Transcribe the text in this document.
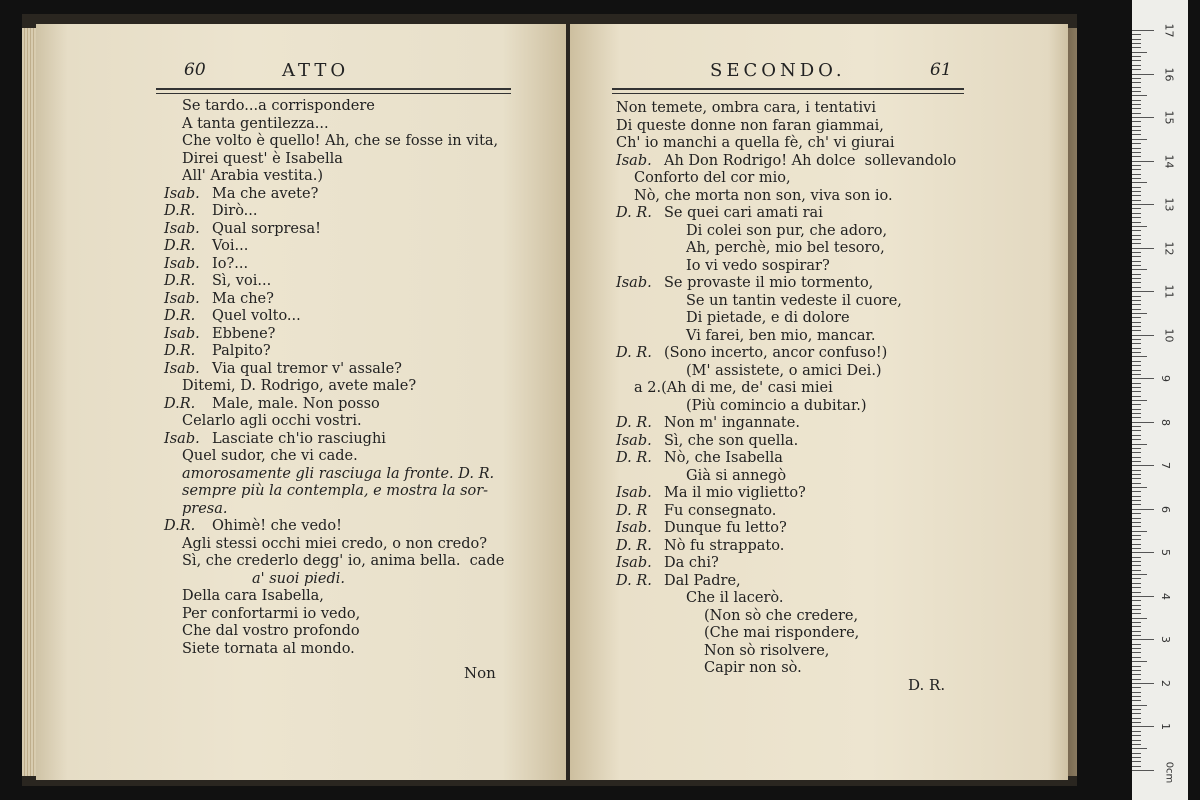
60	ATTO
Se tardo...a corrispondere
A tanta gentilezza...
Che volto è quello! Ah, che se fosse in vita,
Direi quest' è Isabella
All' Arabia vestita.)
Isab. Ma che avete?
D.R. Dirò...
Isab. Qual sorpresa!
D.R. Voi...
Isab. Io?...
D.R. Sì, voi...
Isab. Ma che?
D.R. Quel volto...
Isab. Ebbene?
D.R. Palpito?
Isab. Via qual tremor v' assale?
Ditemi, D. Rodrigo, avete male?
D.R. Male, male. Non posso
Celarlo agli occhi vostri.
Isab. Lasciate ch'io rasciughi
Quel sudor, che vi cade.
amorosamente gli rasciuga la fronte. D. R.
sempre più la contempla, e mostra la sor-
presa.
D.R. Ohimè! che vedo!
Agli stessi occhi miei credo, o non credo?
Sì, che crederlo degg' io, anima bella.  cade
a' suoi piedi.
Della cara Isabella,
Per confortarmi io vedo,
Che dal vostro profondo
Siete tornata al mondo.
Non
SECONDO.	61
Non temete, ombra cara, i tentativi
Di queste donne non faran giammai,
Ch' io manchi a quella fè, ch' vi giurai
Isab. Ah Don Rodrigo! Ah dolce  sollevandolo
Conforto del cor mio,
Nò, che morta non son, viva son io.
D. R. Se quei cari amati rai
Di colei son pur, che adoro,
Ah, perchè, mio bel tesoro,
Io vi vedo sospirar?
Isab. Se provaste il mio tormento,
Se un tantin vedeste il cuore,
Di pietade, e di dolore
Vi farei, ben mio, mancar.
D. R. (Sono incerto, ancor confuso!)
(M' assistete, o amici Dei.)
a 2.(Ah di me, de' casi miei
(Più comincio a dubitar.)
D. R. Non m' ingannate.
Isab. Sì, che son quella.
D. R. Nò, che Isabella
Già si annegò
Isab. Ma il mio viglietto?
D. R Fu consegnato.
Isab. Dunque fu letto?
D. R. Nò fu strappato.
Isab. Da chi?
D. R. Dal Padre,
Che il lacerò.
(Non sò che credere,
(Che mai rispondere,
Non sò risolvere,
Capir non sò.
D. R.
0cm
1
2
3
4
5
6
7
8
9
10
11
12
13
14
15
16
17
